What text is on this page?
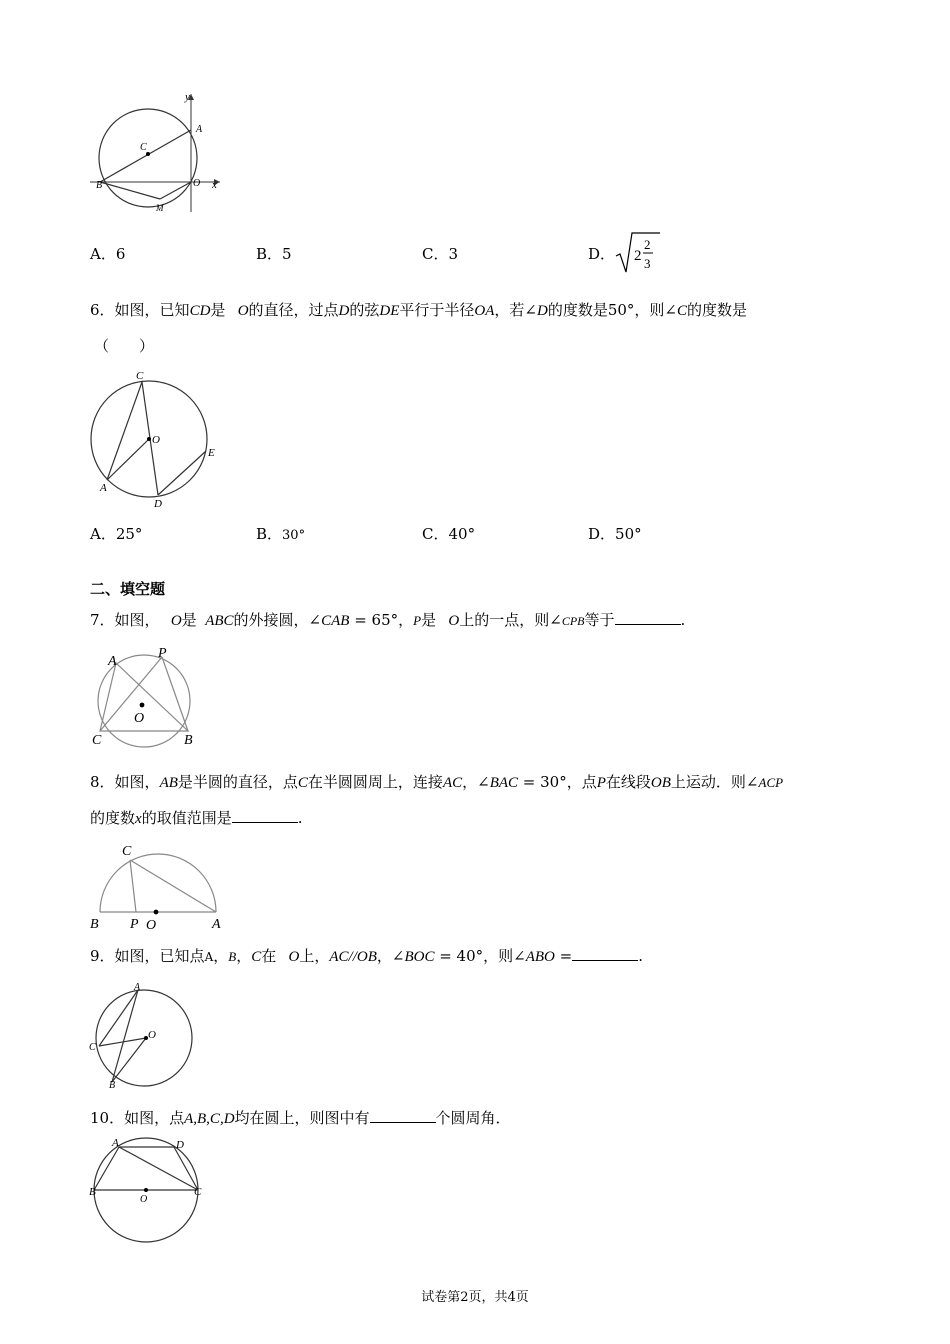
y
x
A
B
C
O
M
A．6	B．5	C．3	D． 2
2
3
6．如图，已知CD是   O的直径，过点D的弦DE平行于半径OA，若∠D的度数是50°，则∠C的度数是
（　　）
C
O
E
A
D
A．25°	B．30°	C．40°	D．50°
二、填空题
7．如图，    O是  ABC的外接圆，∠CAB = 65°，P是   O上的一点，则∠CPB等于	.
A
P
O
C	B
8．如图，AB是半圆的直径，点C在半圆圆周上，连接AC，∠BAC = 30°，点P在线段OB上运动．则∠ACP
的度数x的取值范围是	.
C
B P O	A
9．如图，已知点A，B，C在   O上，AC//OB，∠BOC = 40°，则∠ABO =	.
A
O
C
B
10．如图，点A,B,C,D均在圆上，则图中有	个圆周角．
A	D
B
O
C
试卷第2页，共4页
